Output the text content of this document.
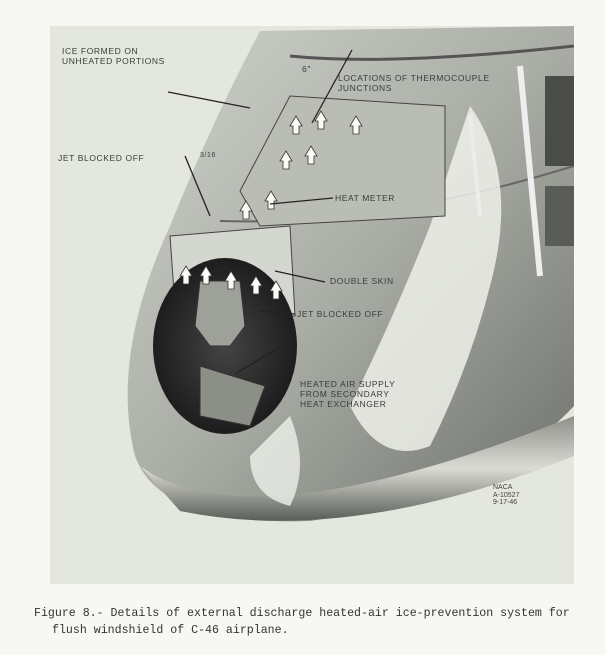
ICE FORMED ON
UNHEATED PORTIONS
LOCATIONS OF THERMOCOUPLE
JUNCTIONS
6"
3/16
JET BLOCKED OFF
HEAT METER
DOUBLE SKIN
JET BLOCKED OFF
HEATED AIR SUPPLY
FROM SECONDARY
HEAT EXCHANGER
NACA
A-10527
9-17-46
Figure 8.- Details of external discharge heated-air ice-prevention system for
flush windshield of C-46 airplane.
